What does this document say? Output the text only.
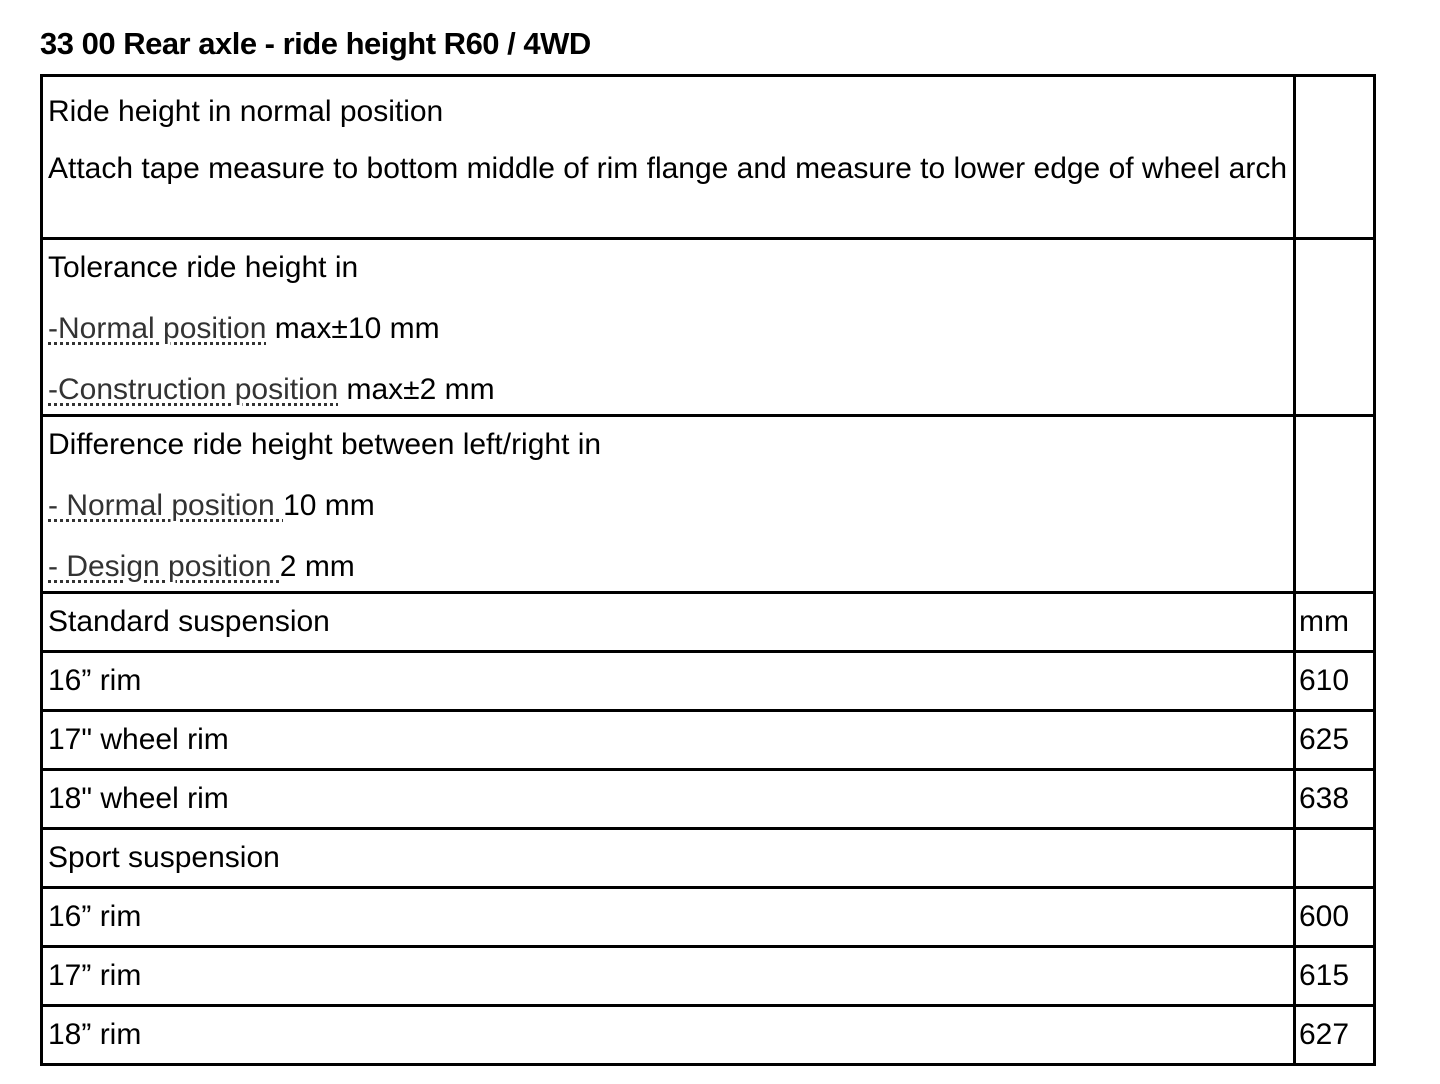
33 00 Rear axle - ride height R60 / 4WD
Ride height in normal position
Attach tape measure to bottom middle of rim flange and measure to lower edge of wheel arch	

Tolerance ride height in
-Normal position max±10 mm
-Construction position max±2 mm	

Difference ride height between left/right in
- Normal position 10 mm
- Design position 2 mm	

Standard suspension	mm
16” rim	610
17" wheel rim	625
18" wheel rim	638
Sport suspension	
16” rim	600
17” rim	615
18” rim	627
